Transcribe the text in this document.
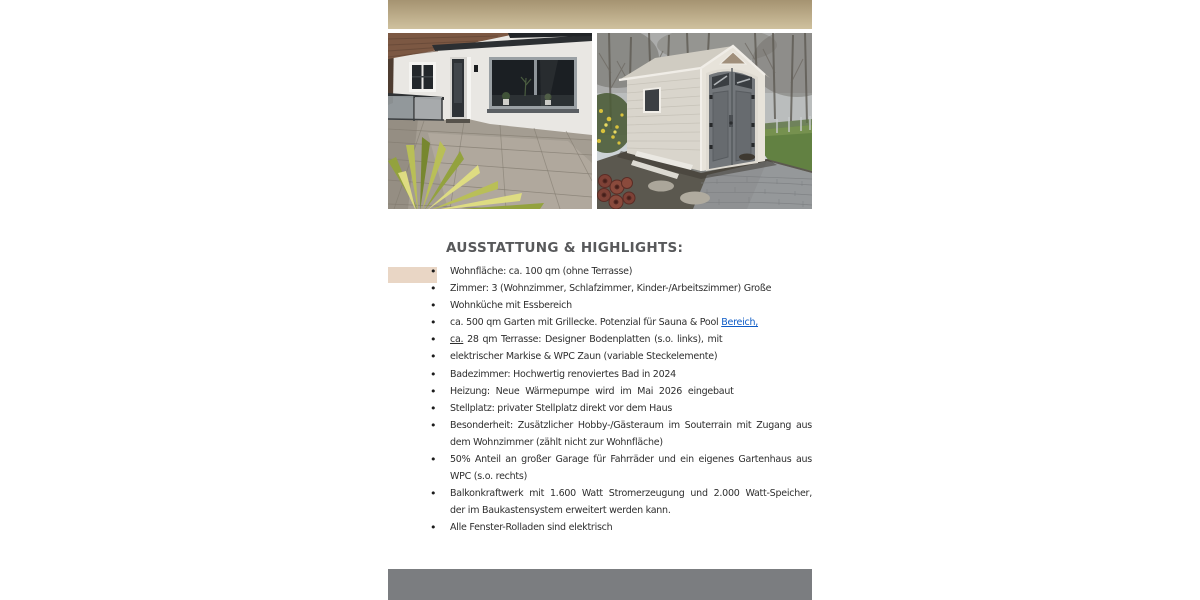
AUSSTATTUNG & HIGHLIGHTS:
• Wohnfläche: ca. 100 qm (ohne Terrasse)
• Zimmer: 3 (Wohnzimmer, Schlafzimmer, Kinder-/Arbeitszimmer) Große
• Wohnküche mit Essbereich
• ca. 500 qm Garten mit Grillecke. Potenzial für Sauna & Pool Bereich,
• ca. 28 qm Terrasse: Designer Bodenplatten (s.o. links), mit
• elektrischer Markise & WPC Zaun (variable Steckelemente)
• Badezimmer: Hochwertig renoviertes Bad in 2024
• Heizung: Neue Wärmepumpe wird im Mai 2026 eingebaut
• Stellplatz: privater Stellplatz direkt vor dem Haus
• Besonderheit: Zusätzlicher Hobby-/Gästeraum im Souterrain mit Zugang aus
dem Wohnzimmer (zählt nicht zur Wohnfläche)
• 50% Anteil an großer Garage für Fahrräder und ein eigenes Gartenhaus aus
WPC (s.o. rechts)
• Balkonkraftwerk mit 1.600 Watt Stromerzeugung und 2.000 Watt-Speicher,
der im Baukastensystem erweitert werden kann.
• Alle Fenster-Rolladen sind elektrisch
